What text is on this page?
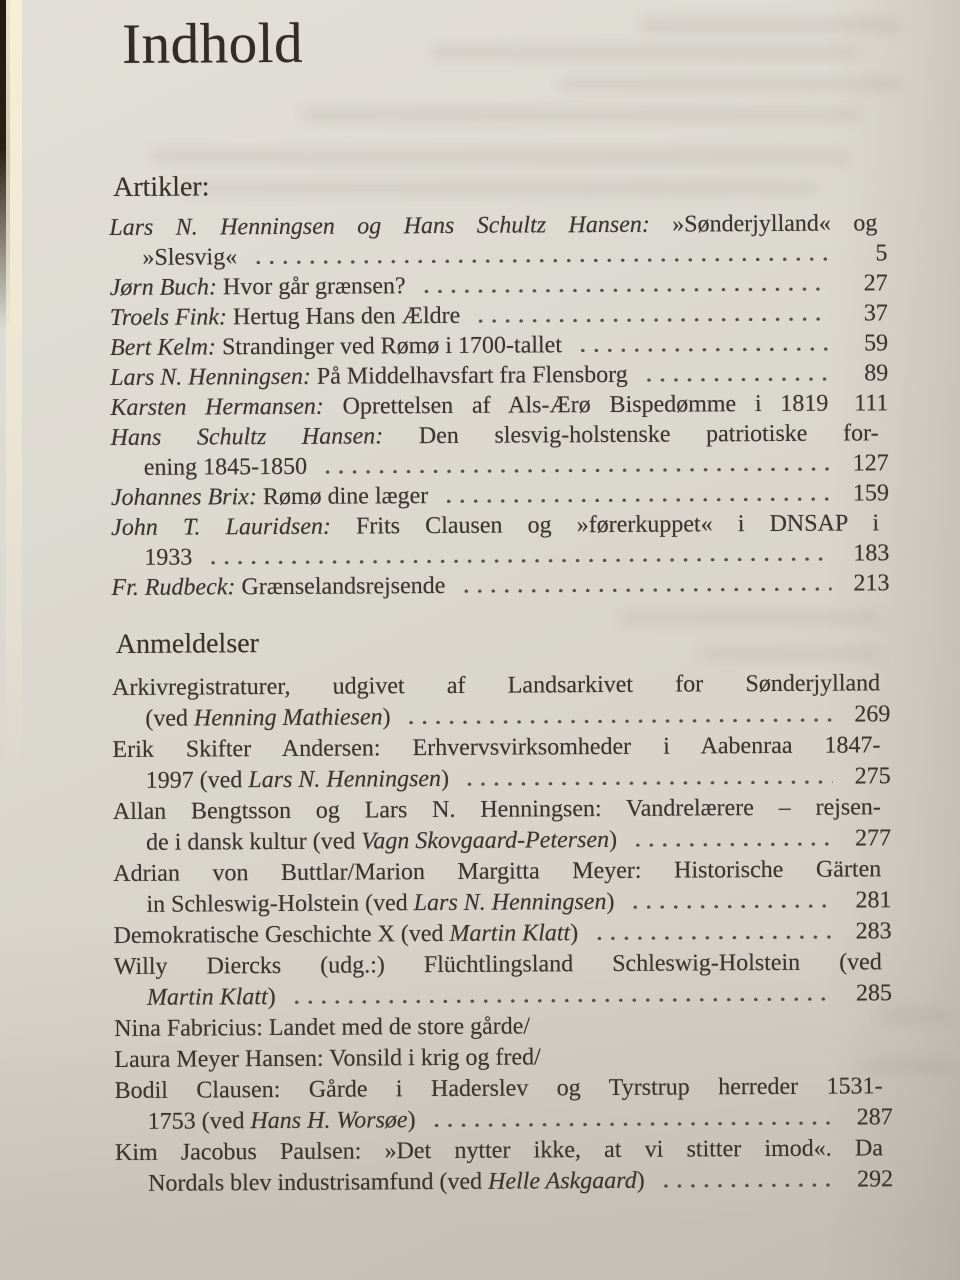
Indhold
Artikler:
Lars N. Henningsen og Hans Schultz Hansen: »Sønderjylland« og
»Slesvig«	5
Jørn Buch: Hvor går grænsen?	27
Troels Fink: Hertug Hans den Ældre	37
Bert Kelm: Strandinger ved Rømø i 1700-tallet	59
Lars N. Henningsen: På Middelhavsfart fra Flensborg	89
Karsten Hermansen: Oprettelsen af Als-Ærø Bispedømme i 1819	111
Hans Schultz Hansen: Den slesvig-holstenske patriotiske for-
ening 1845-1850	127
Johannes Brix: Rømø dine læger	159
John T. Lauridsen: Frits Clausen og »førerkuppet« i DNSAP i
1933	183
Fr. Rudbeck: Grænselandsrejsende	213
Anmeldelser
Arkivregistraturer, udgivet af Landsarkivet for Sønderjylland
(ved Henning Mathiesen)	269
Erik Skifter Andersen: Erhvervsvirksomheder i Aabenraa 1847-
1997 (ved Lars N. Henningsen)	275
Allan Bengtsson og Lars N. Henningsen: Vandrelærere – rejsen-
de i dansk kultur (ved Vagn Skovgaard-Petersen)	277
Adrian von Buttlar/Marion Margitta Meyer: Historische Gärten
in Schleswig-Holstein (ved Lars N. Henningsen)	281
Demokratische Geschichte X (ved Martin Klatt)	283
Willy Diercks (udg.:) Flüchtlingsland Schleswig-Holstein (ved
Martin Klatt)	285
Nina Fabricius: Landet med de store gårde/
Laura Meyer Hansen: Vonsild i krig og fred/
Bodil Clausen: Gårde i Haderslev og Tyrstrup herreder 1531-
1753 (ved Hans H. Worsøe)	287
Kim Jacobus Paulsen: »Det nytter ikke, at vi stitter imod«. Da
Nordals blev industrisamfund (ved Helle Askgaard)	292
